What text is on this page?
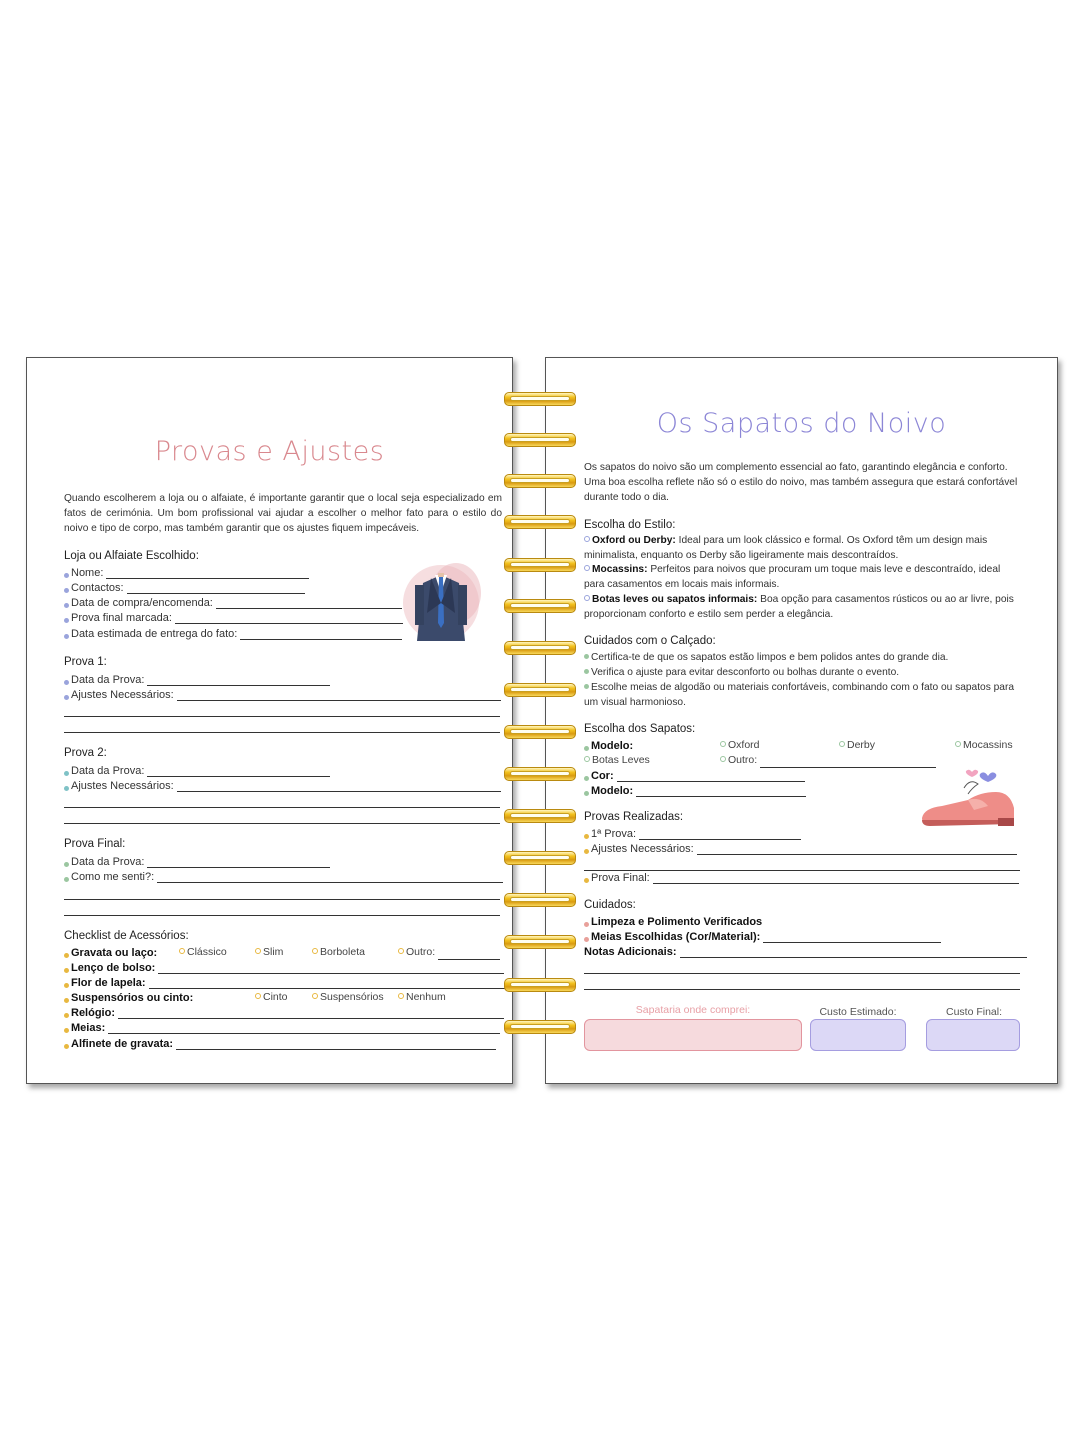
Provas e Ajustes
Quando escolherem a loja ou o alfaiate, é importante garantir que o local seja especializado em fatos de cerimónia. Um bom profissional vai ajudar a escolher o melhor fato para o estilo do noivo e tipo de corpo, mas também garantir que os ajustes fiquem impecáveis.
Loja ou Alfaiate Escolhido:
Nome:
Contactos:
Data de compra/encomenda:
Prova final marcada:
Data estimada de entrega do fato:
Prova 1:
Data da Prova:
Ajustes Necessários:
Prova 2:
Data da Prova:
Ajustes Necessários:
Prova Final:
Data da Prova:
Como me senti?:
Checklist de Acessórios:
Gravata ou laço:	Clássico	Slim	Borboleta	Outro:
Lenço de bolso:
Flor de lapela:
Suspensórios ou cinto:	Cinto	Suspensórios	Nenhum
Relógio:
Meias:
Alfinete de gravata:
Os Sapatos do Noivo
Os sapatos do noivo são um complemento essencial ao fato, garantindo elegância e conforto. Uma boa escolha reflete não só o estilo do noivo, mas também assegura que estará confortável durante todo o dia.
Escolha do Estilo:
Oxford ou Derby: Ideal para um look clássico e formal. Os Oxford têm um design mais minimalista, enquanto os Derby são ligeiramente mais descontraídos.
Mocassins: Perfeitos para noivos que procuram um toque mais leve e descontraído, ideal para casamentos em locais mais informais.
Botas leves ou sapatos informais: Boa opção para casamentos rústicos ou ao ar livre, pois proporcionam conforto e estilo sem perder a elegância.
Cuidados com o Calçado:
Certifica-te de que os sapatos estão limpos e bem polidos antes do grande dia.
Verifica o ajuste para evitar desconforto ou bolhas durante o evento.
Escolhe meias de algodão ou materiais confortáveis, combinando com o fato ou sapatos para um visual harmonioso.
Escolha dos Sapatos:
Modelo:	Oxford	Derby	Mocassins
Botas Leves	Outro:
Cor:
Modelo:
Provas Realizadas:
1ª Prova:
Ajustes Necessários:
Prova Final:
Cuidados:
Limpeza e Polimento Verificados
Meias Escolhidas (Cor/Material):
Notas Adicionais:
Sapataria onde comprei:	Custo Estimado:	Custo Final:
